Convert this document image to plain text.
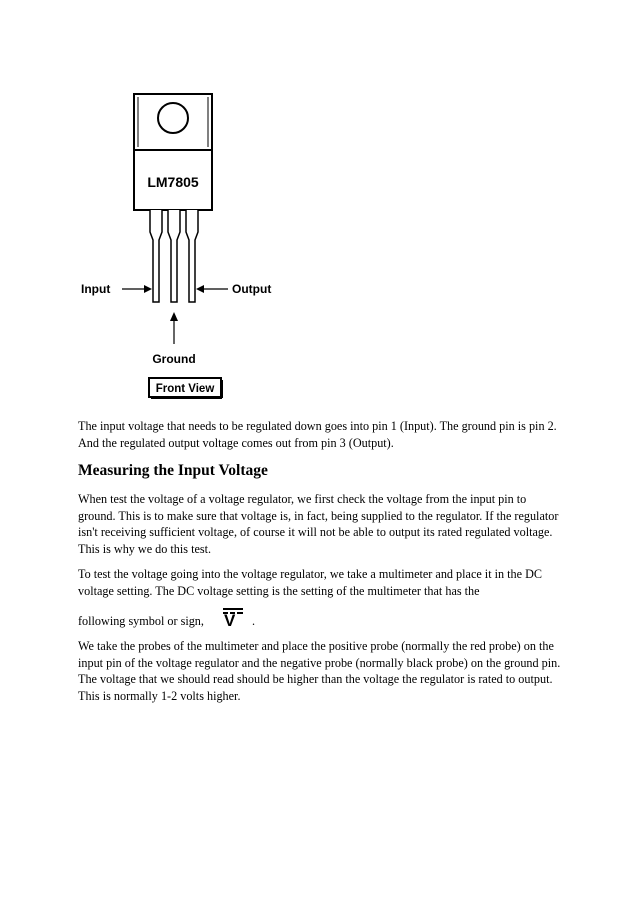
LM7805
Input	Output
Ground
Front View

The input voltage that needs to be regulated down goes into pin 1 (Input). The ground pin is pin 2. And the regulated output voltage comes out from pin 3 (Output).

Measuring the Input Voltage

When test the voltage of a voltage regulator, we first check the voltage from the input pin to ground. This is to make sure that voltage is, in fact, being supplied to the regulator. If the regulator isn't receiving sufficient voltage, of course it will not be able to output its rated regulated voltage. This is why we do this test.

To test the voltage going into the voltage regulator, we take a multimeter and place it in the DC voltage setting. The DC voltage setting is the setting of the multimeter that has the

following symbol or sign, V .

We take the probes of the multimeter and place the positive probe (normally the red probe) on the input pin of the voltage regulator and the negative probe (normally black probe) on the ground pin. The voltage that we should read should be higher than the voltage the regulator is rated to output. This is normally 1-2 volts higher.
